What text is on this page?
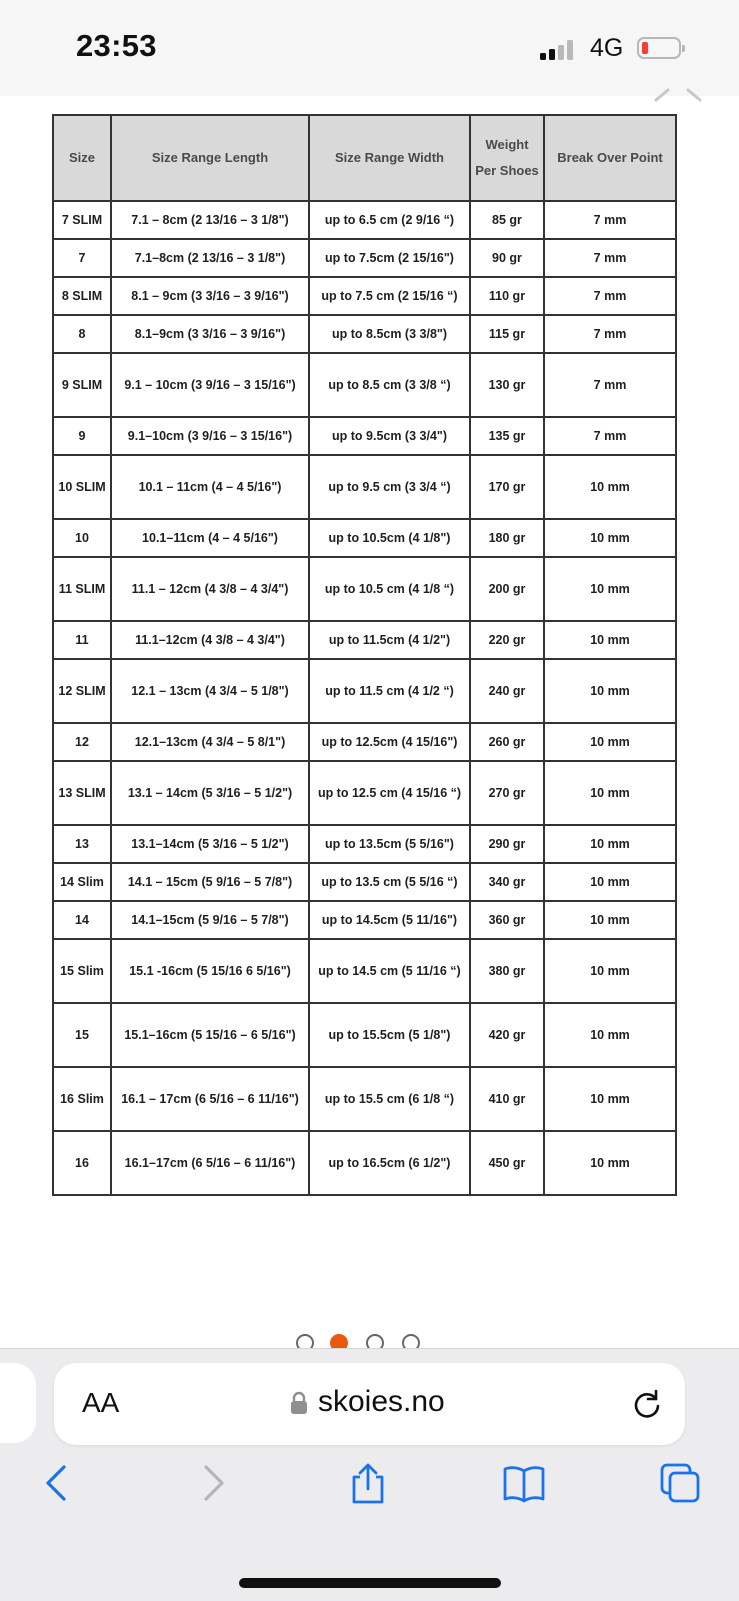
23:53	4G
Size	Size Range Length	Size Range Width	Weight Per Shoes	Break Over Point
7 SLIM	7.1 – 8cm (2 13/16 – 3 1/8")	up to 6.5 cm (2 9/16 “)	85 gr	7 mm
7	7.1–8cm (2 13/16 – 3 1/8")	up to 7.5cm (2 15/16")	90 gr	7 mm
8 SLIM	8.1 – 9cm (3 3/16 – 3 9/16")	up to 7.5 cm (2 15/16 “)	110 gr	7 mm
8	8.1–9cm (3 3/16 – 3 9/16")	up to 8.5cm (3 3/8")	115 gr	7 mm
9 SLIM	9.1 – 10cm (3 9/16 – 3 15/16")	up to 8.5 cm (3 3/8 “)	130 gr	7 mm
9	9.1–10cm (3 9/16 – 3 15/16")	up to 9.5cm (3 3/4")	135 gr	7 mm
10 SLIM	10.1 – 11cm (4 – 4 5/16")	up to 9.5 cm (3 3/4 “)	170 gr	10 mm
10	10.1–11cm (4 – 4 5/16")	up to 10.5cm (4 1/8")	180 gr	10 mm
11 SLIM	11.1 – 12cm (4 3/8 – 4 3/4")	up to 10.5 cm (4 1/8 “)	200 gr	10 mm
11	11.1–12cm (4 3/8 – 4 3/4")	up to 11.5cm (4 1/2")	220 gr	10 mm
12 SLIM	12.1 – 13cm (4 3/4 – 5 1/8")	up to 11.5 cm (4 1/2 “)	240 gr	10 mm
12	12.1–13cm (4 3/4 – 5 8/1")	up to 12.5cm (4 15/16")	260 gr	10 mm
13 SLIM	13.1 – 14cm (5 3/16 – 5 1/2")	up to 12.5 cm (4 15/16 “)	270 gr	10 mm
13	13.1–14cm (5 3/16 – 5 1/2")	up to 13.5cm (5 5/16")	290 gr	10 mm
14 Slim	14.1 – 15cm (5 9/16 – 5 7/8")	up to 13.5 cm (5 5/16 “)	340 gr	10 mm
14	14.1–15cm (5 9/16 – 5 7/8")	up to 14.5cm (5 11/16")	360 gr	10 mm
15 Slim	15.1 -16cm (5 15/16 6 5/16")	up to 14.5 cm (5 11/16 “)	380 gr	10 mm
15	15.1–16cm (5 15/16 – 6 5/16")	up to 15.5cm (5 1/8")	420 gr	10 mm
16 Slim	16.1 – 17cm (6 5/16 – 6 11/16")	up to 15.5 cm (6 1/8 “)	410 gr	10 mm
16	16.1–17cm (6 5/16 – 6 11/16")	up to 16.5cm (6 1/2")	450 gr	10 mm
AA	skoies.no
